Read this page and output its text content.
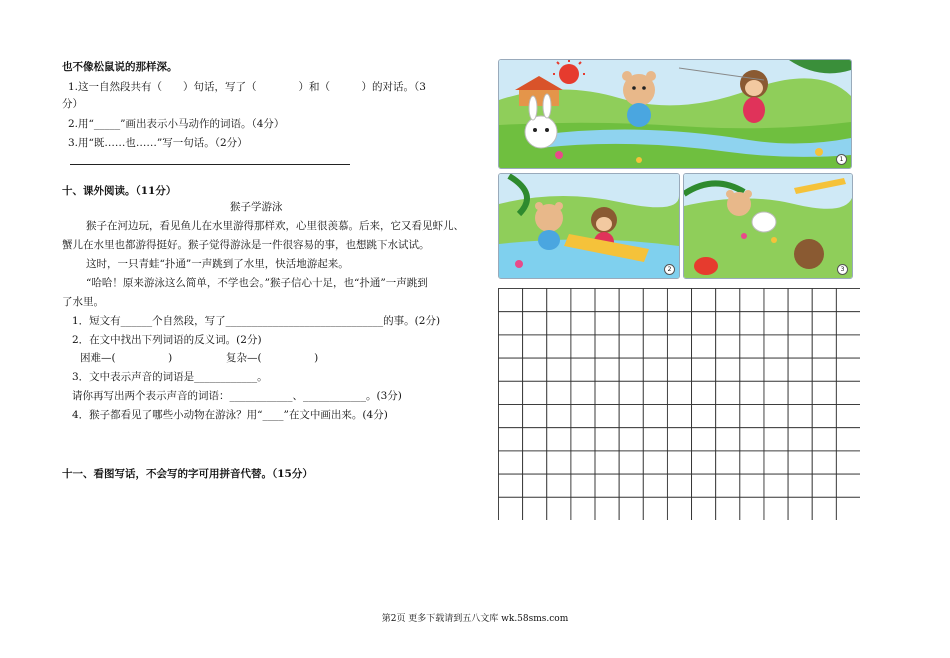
也不像松鼠说的那样深。
1.这一自然段共有（　　）句话，写了（　　　　）和（　　　）的对话。（3
分）
2.用“_____”画出表示小马动作的词语。（4分）
3.用“既……也……”写一句话。（2分）
十、课外阅读。（11分）
猴子学游泳
猴子在河边玩，看见鱼儿在水里游得那样欢，心里很羡慕。后来，它又看见虾儿、
蟹儿在水里也都游得挺好。猴子觉得游泳是一件很容易的事，也想跳下水试试。
这时，一只青蛙“扑通”一声跳到了水里，快活地游起来。
“哈哈！原来游泳这么简单，不学也会。”猴子信心十足，也“扑通”一声跳到
了水里。
1．短文有______个自然段，写了______________________________的事。(2分)
2．在文中找出下列词语的反义词。(2分)
困难—(　　　　　)	复杂—(　　　　　)
3．文中表示声音的词语是____________。
请你再写出两个表示声音的词语：____________、____________。(3分)
4．猴子都看见了哪些小动物在游泳？用“____”在文中画出来。(4分)
十一、看图写话，不会写的字可用拼音代替。（15分）
1
2	3
第2页 更多下载请到五八文库 wk.58sms.com
